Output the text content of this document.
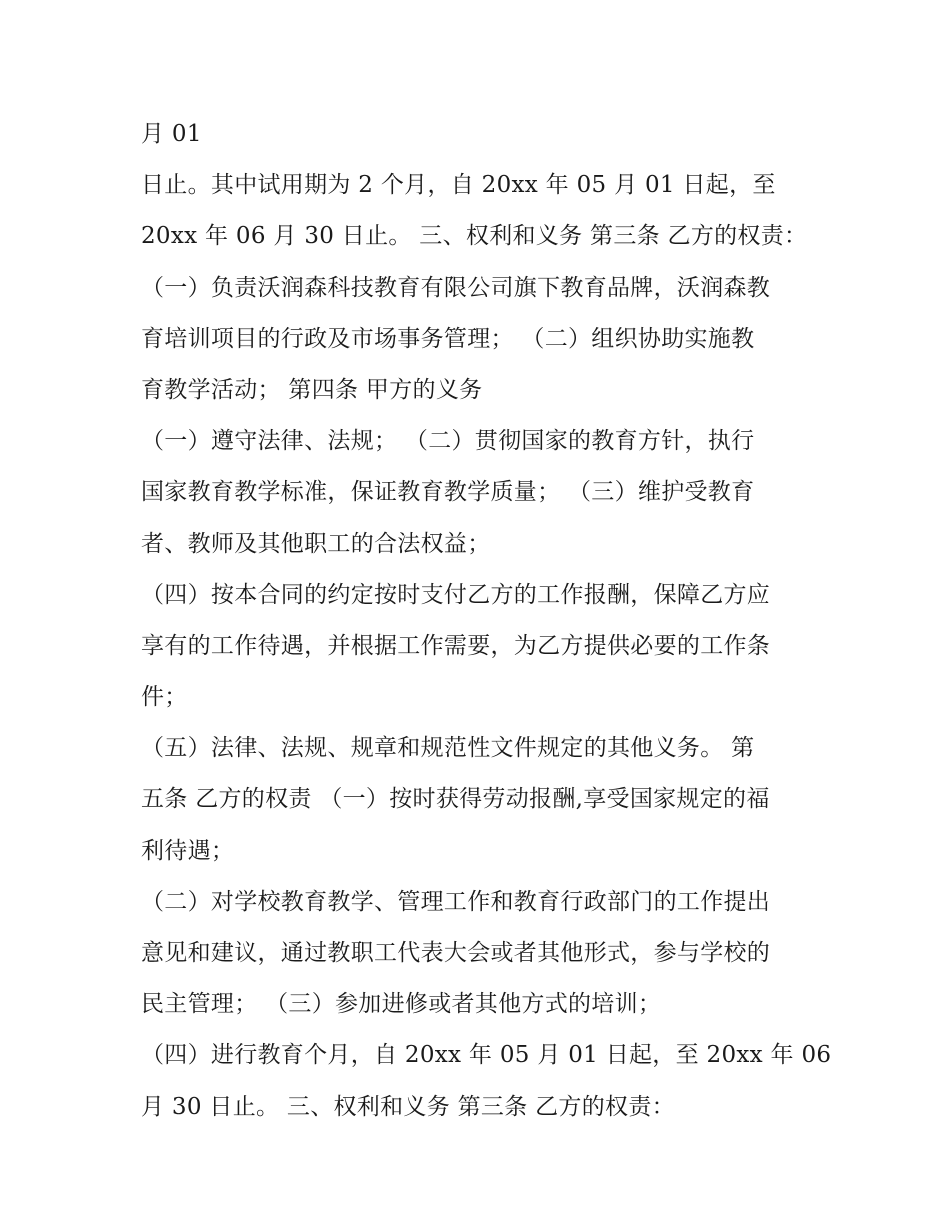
月 01
日止。其中试用期为 2 个月，自 20xx 年 05 月 01 日起，至
20xx 年 06 月 30 日止。 三、权利和义务 第三条 乙方的权责：
（一）负责沃润森科技教育有限公司旗下教育品牌，沃润森教
育培训项目的行政及市场事务管理； （二）组织协助实施教
育教学活动； 第四条 甲方的义务
（一）遵守法律、法规； （二）贯彻国家的教育方针，执行
国家教育教学标准，保证教育教学质量； （三）维护受教育
者、教师及其他职工的合法权益；
（四）按本合同的约定按时支付乙方的工作报酬，保障乙方应
享有的工作待遇，并根据工作需要，为乙方提供必要的工作条
件；
（五）法律、法规、规章和规范性文件规定的其他义务。 第
五条 乙方的权责 （一）按时获得劳动报酬,享受国家规定的福
利待遇；
（二）对学校教育教学、管理工作和教育行政部门的工作提出
意见和建议，通过教职工代表大会或者其他形式，参与学校的
民主管理； （三）参加进修或者其他方式的培训；
（四）进行教育个月，自 20xx 年 05 月 01 日起，至 20xx 年 06
月 30 日止。 三、权利和义务 第三条 乙方的权责：
